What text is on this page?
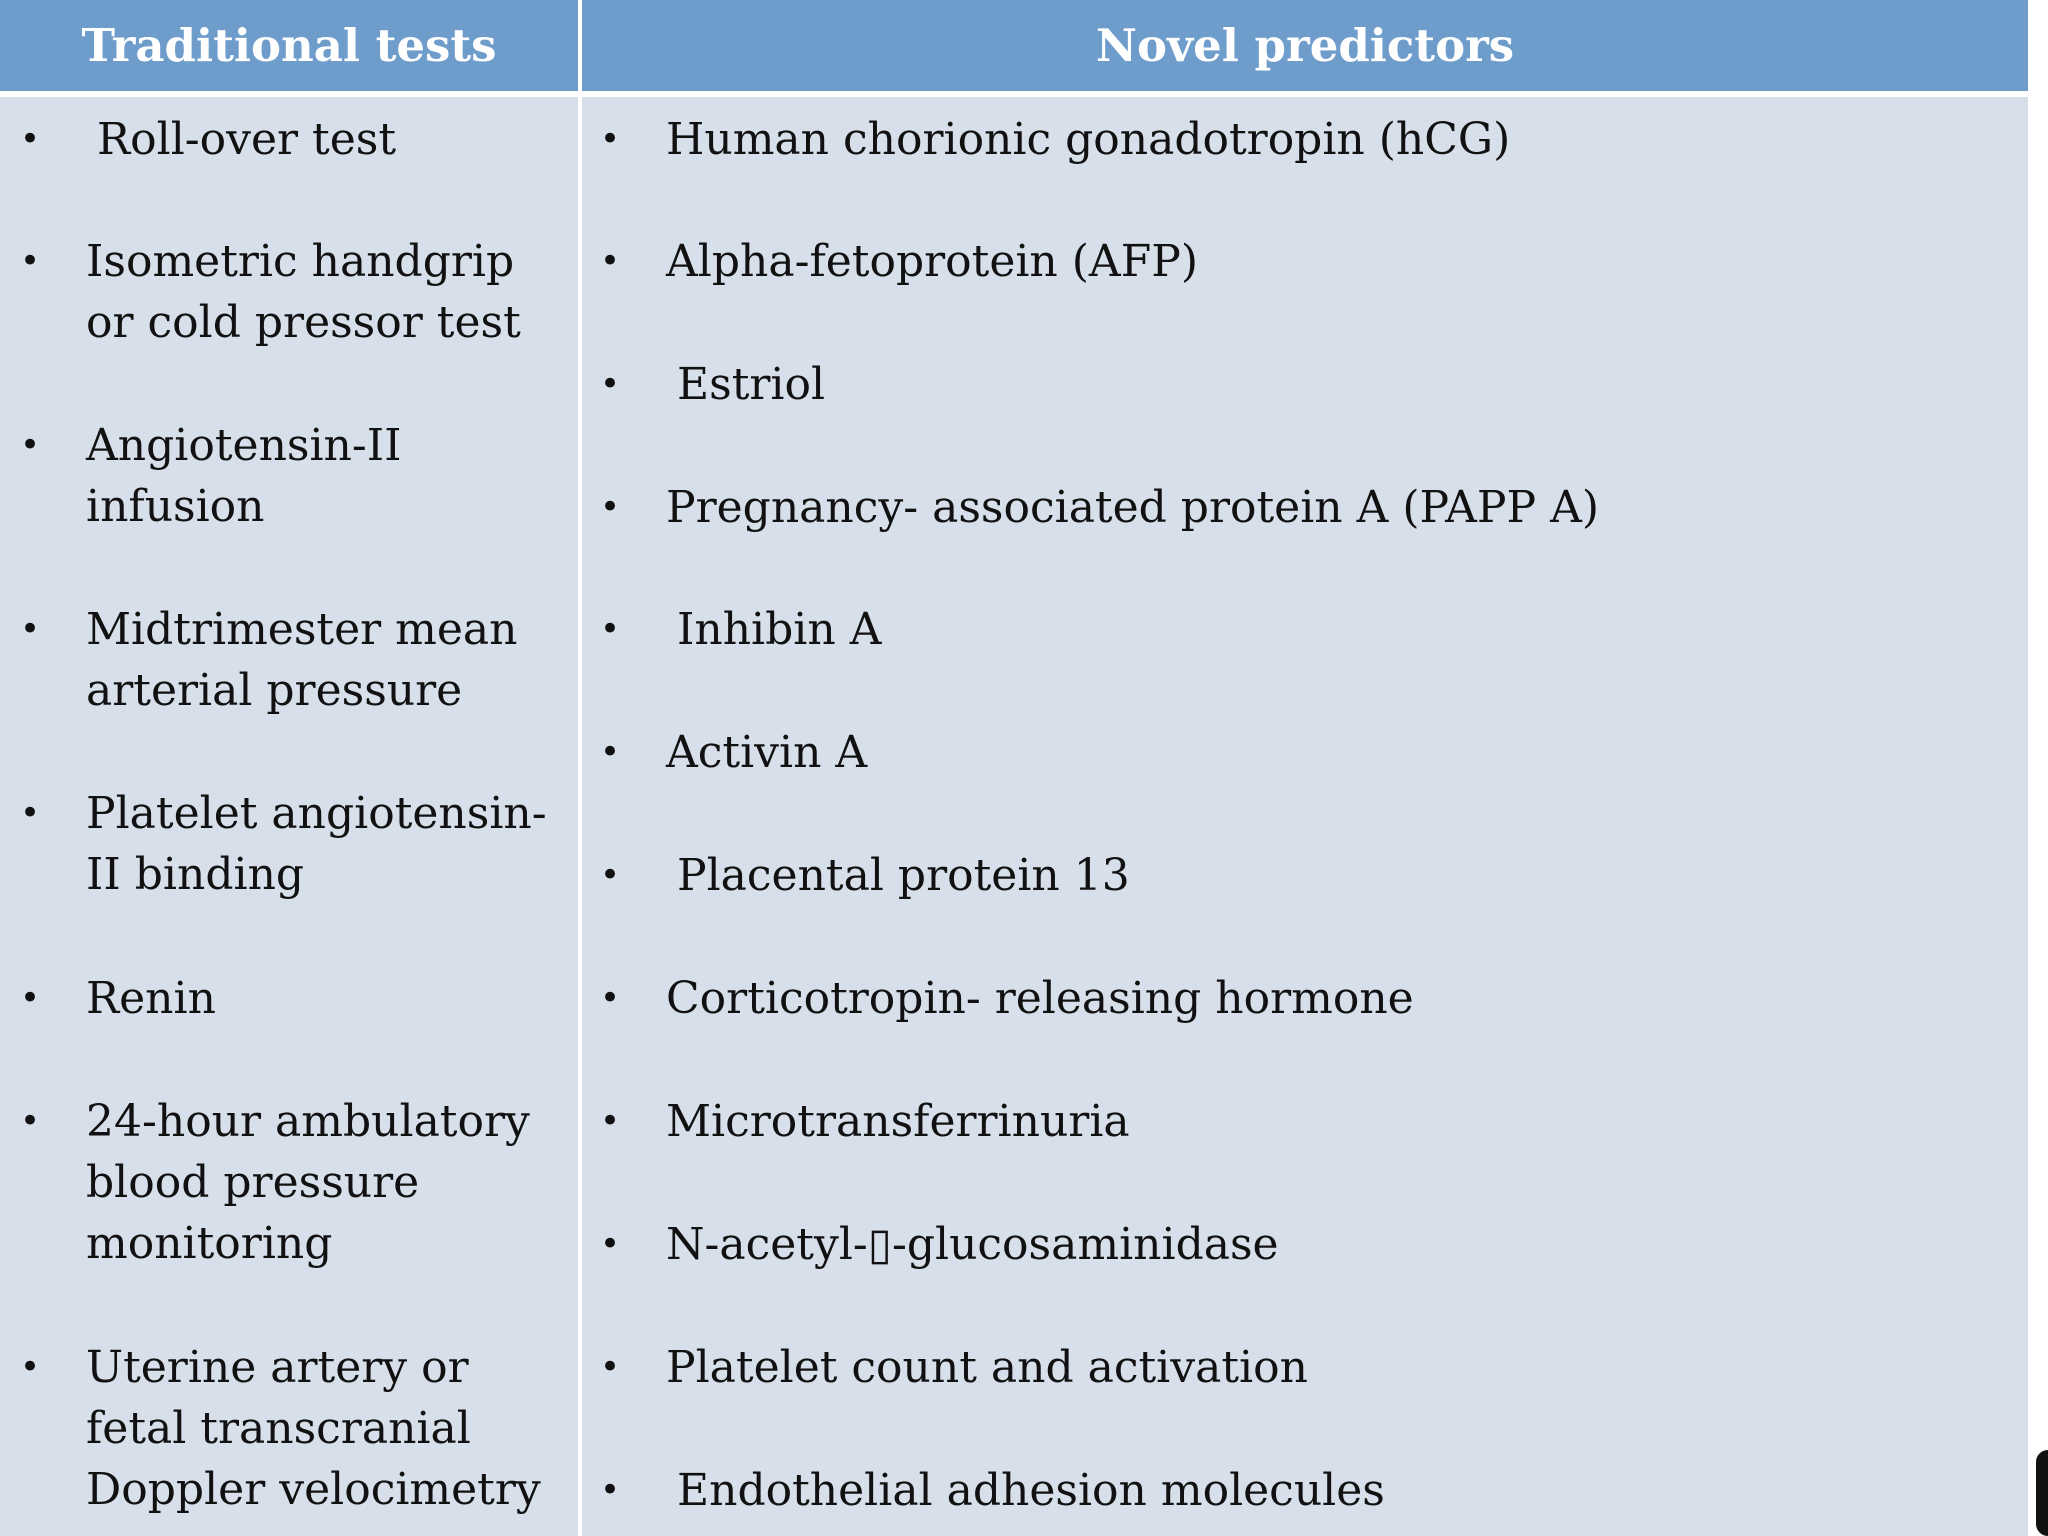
Traditional tests
• Roll-over test
• Isometric handgrip
or cold pressor test
• Angiotensin-II
infusion
• Midtrimester mean
arterial pressure
• Platelet angiotensin-
II binding
• Renin
• 24-hour ambulatory
blood pressure
monitoring
• Uterine artery or
fetal transcranial
Doppler velocimetry
Novel predictors
• Human chorionic gonadotropin (hCG)
• Alpha-fetoprotein (AFP)
• Estriol
• Pregnancy- associated protein A (PAPP A)
• Inhibin A
• Activin A
• Placental protein 13
• Corticotropin- releasing hormone
• Microtransferrinuria
• N-acetyl-▯-glucosaminidase
• Platelet count and activation
• Endothelial adhesion molecules
